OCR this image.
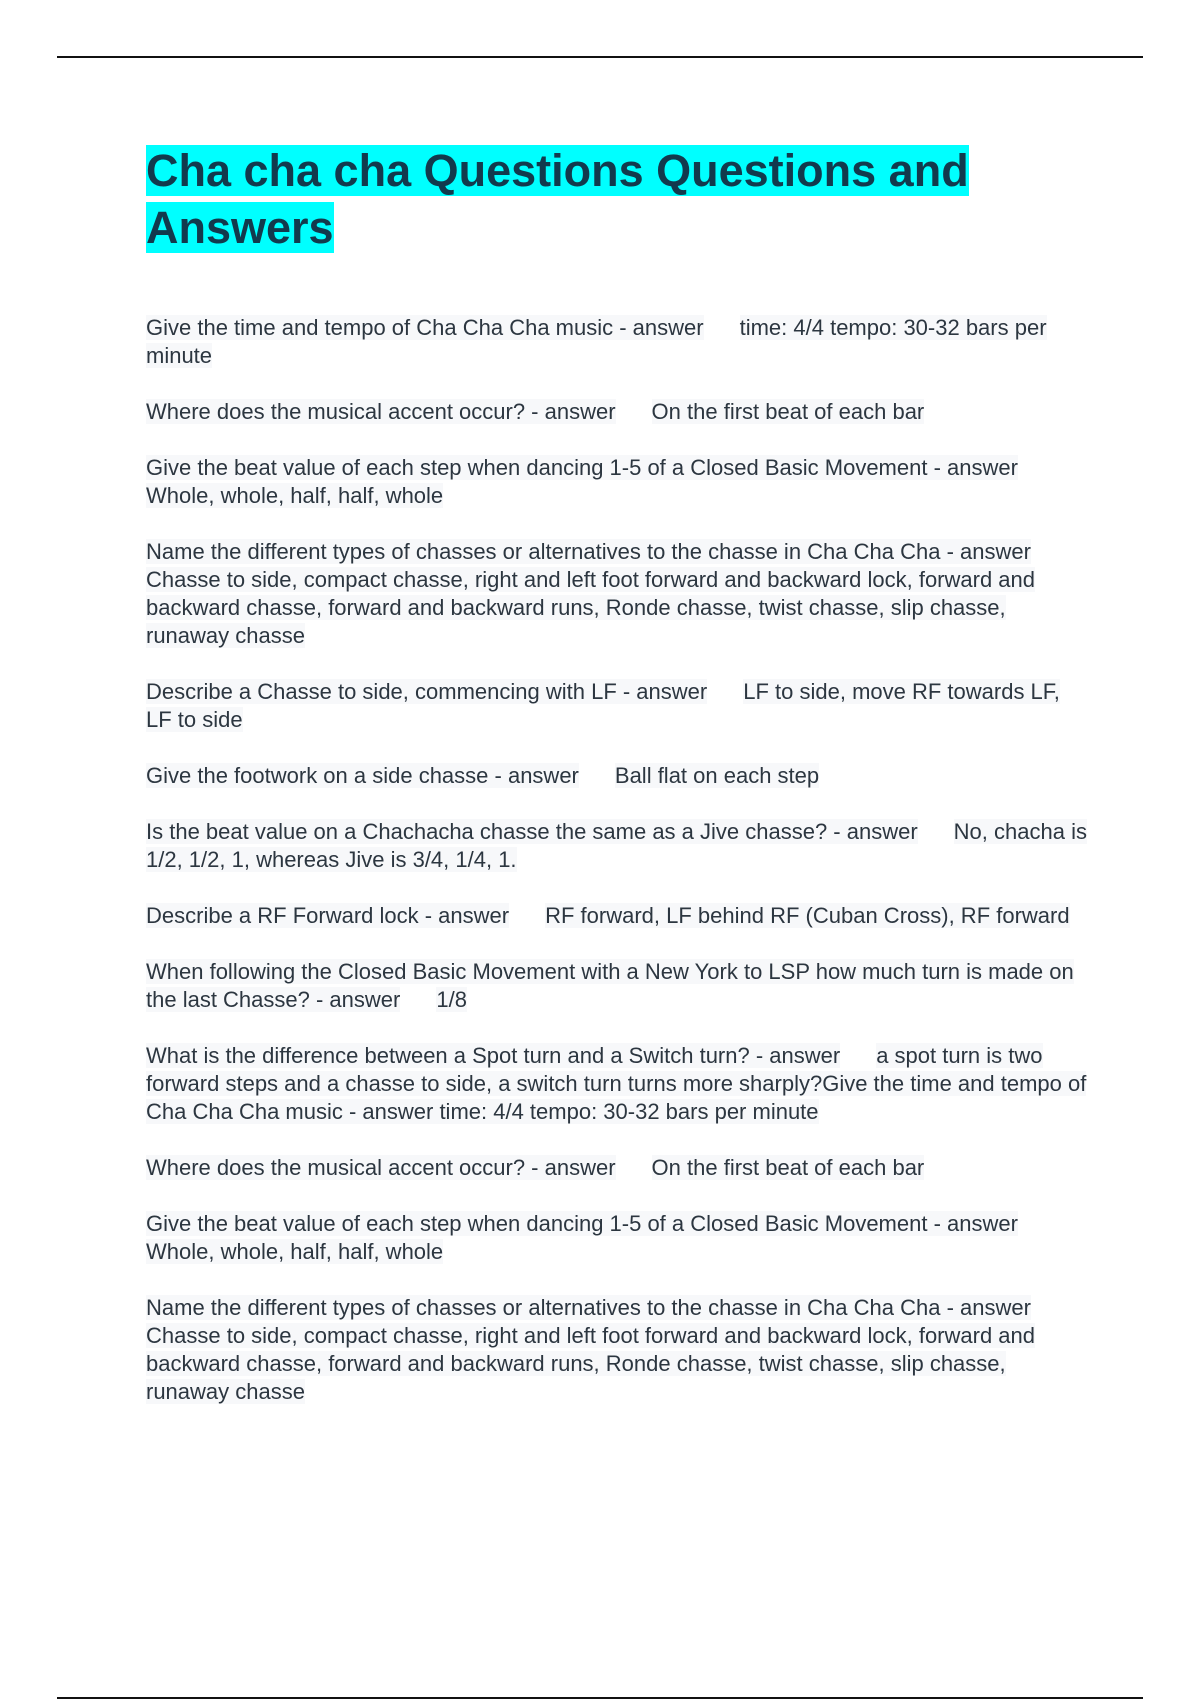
Cha cha cha Questions Questions and Answers

Give the time and tempo of Cha Cha Cha music - answer time: 4/4 tempo: 30-32 bars per minute

Where does the musical accent occur? - answer On the first beat of each bar

Give the beat value of each step when dancing 1-5 of a Closed Basic Movement - answerWhole, whole, half, half, whole

Name the different types of chasses or alternatives to the chasse in Cha Cha Cha - answerChasse to side, compact chasse, right and left foot forward and backward lock, forward and backward chasse, forward and backward runs, Ronde chasse, twist chasse, slip chasse, runaway chasse

Describe a Chasse to side, commencing with LF - answer LF to side, move RF towards LF, LF to side

Give the footwork on a side chasse - answer Ball flat on each step

Is the beat value on a Chachacha chasse the same as a Jive chasse? - answer No, chacha is 1/2, 1/2, 1, whereas Jive is 3/4, 1/4, 1.

Describe a RF Forward lock - answer RF forward, LF behind RF (Cuban Cross), RF forward

When following the Closed Basic Movement with a New York to LSP how much turn is made on the last Chasse? - answer 1/8

What is the difference between a Spot turn and a Switch turn? - answer a spot turn is two forward steps and a chasse to side, a switch turn turns more sharply?Give the time and tempo of Cha Cha Cha music - answer time: 4/4 tempo: 30-32 bars per minute

Where does the musical accent occur? - answer On the first beat of each bar

Give the beat value of each step when dancing 1-5 of a Closed Basic Movement - answerWhole, whole, half, half, whole

Name the different types of chasses or alternatives to the chasse in Cha Cha Cha - answerChasse to side, compact chasse, right and left foot forward and backward lock, forward and backward chasse, forward and backward runs, Ronde chasse, twist chasse, slip chasse, runaway chasse
